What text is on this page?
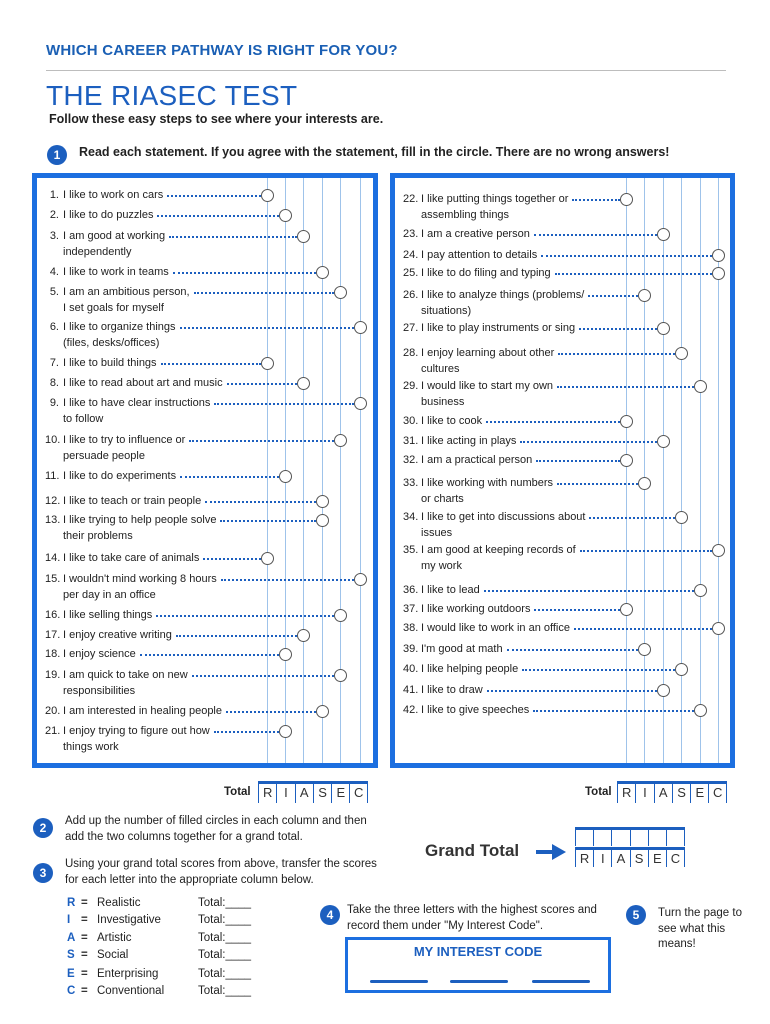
WHICH CAREER PATHWAY IS RIGHT FOR YOU?
THE RIASEC TEST
Follow these easy steps to see where your interests are.
1	Read each statement. If you agree with the statement, fill in the circle. There are no wrong answers!
1. I like to work on cars
2. I like to do puzzles
3. I am good at working
independently
4. I like to work in teams
5. I am an ambitious person,
I set goals for myself
6. I like to organize things
(files, desks/offices)
7. I like to build things
8. I like to read about art and music
9. I like to have clear instructions
to follow
10. I like to try to influence or
persuade people
11. I like to do experiments
12. I like to teach or train people
13. I like trying to help people solve
their problems
14. I like to take care of animals
15. I wouldn't mind working 8 hours
per day in an office
16. I like selling things
17. I enjoy creative writing
18. I enjoy science
19. I am quick to take on new
responsibilities
20. I am interested in healing people
21. I enjoy trying to figure out how
things work
22. I like putting things together or
assembling things
23. I am a creative person
24. I pay attention to details
25. I like to do filing and typing
26. I like to analyze things (problems/
situations)
27. I like to play instruments or sing
28. I enjoy learning about other
cultures
29. I would like to start my own
business
30. I like to cook
31. I like acting in plays
32. I am a practical person
33. I like working with numbers
or charts
34. I like to get into discussions about
issues
35. I am good at keeping records of
my work
36. I like to lead
37. I like working outdoors
38. I would like to work in an office
39. I'm good at math
40. I like helping people
41. I like to draw
42. I like to give speeches
Total R I A S E C	Total R I A S E C
2	Add up the number of filled circles in each column and then add the two columns together for a grand total.
3
Using your grand total scores from above, transfer the scores for each letter into the appropriate column below.
Grand Total	R I A S E C
R = Realistic	Total:____
I = Investigative	Total:____
A = Artistic	Total:____
S = Social	Total:____
E = Enterprising	Total:____
C = Conventional	Total:____
4	Take the three letters with the highest scores and record them under "My Interest Code".
5	Turn the page to see what this means!
MY INTEREST CODE
